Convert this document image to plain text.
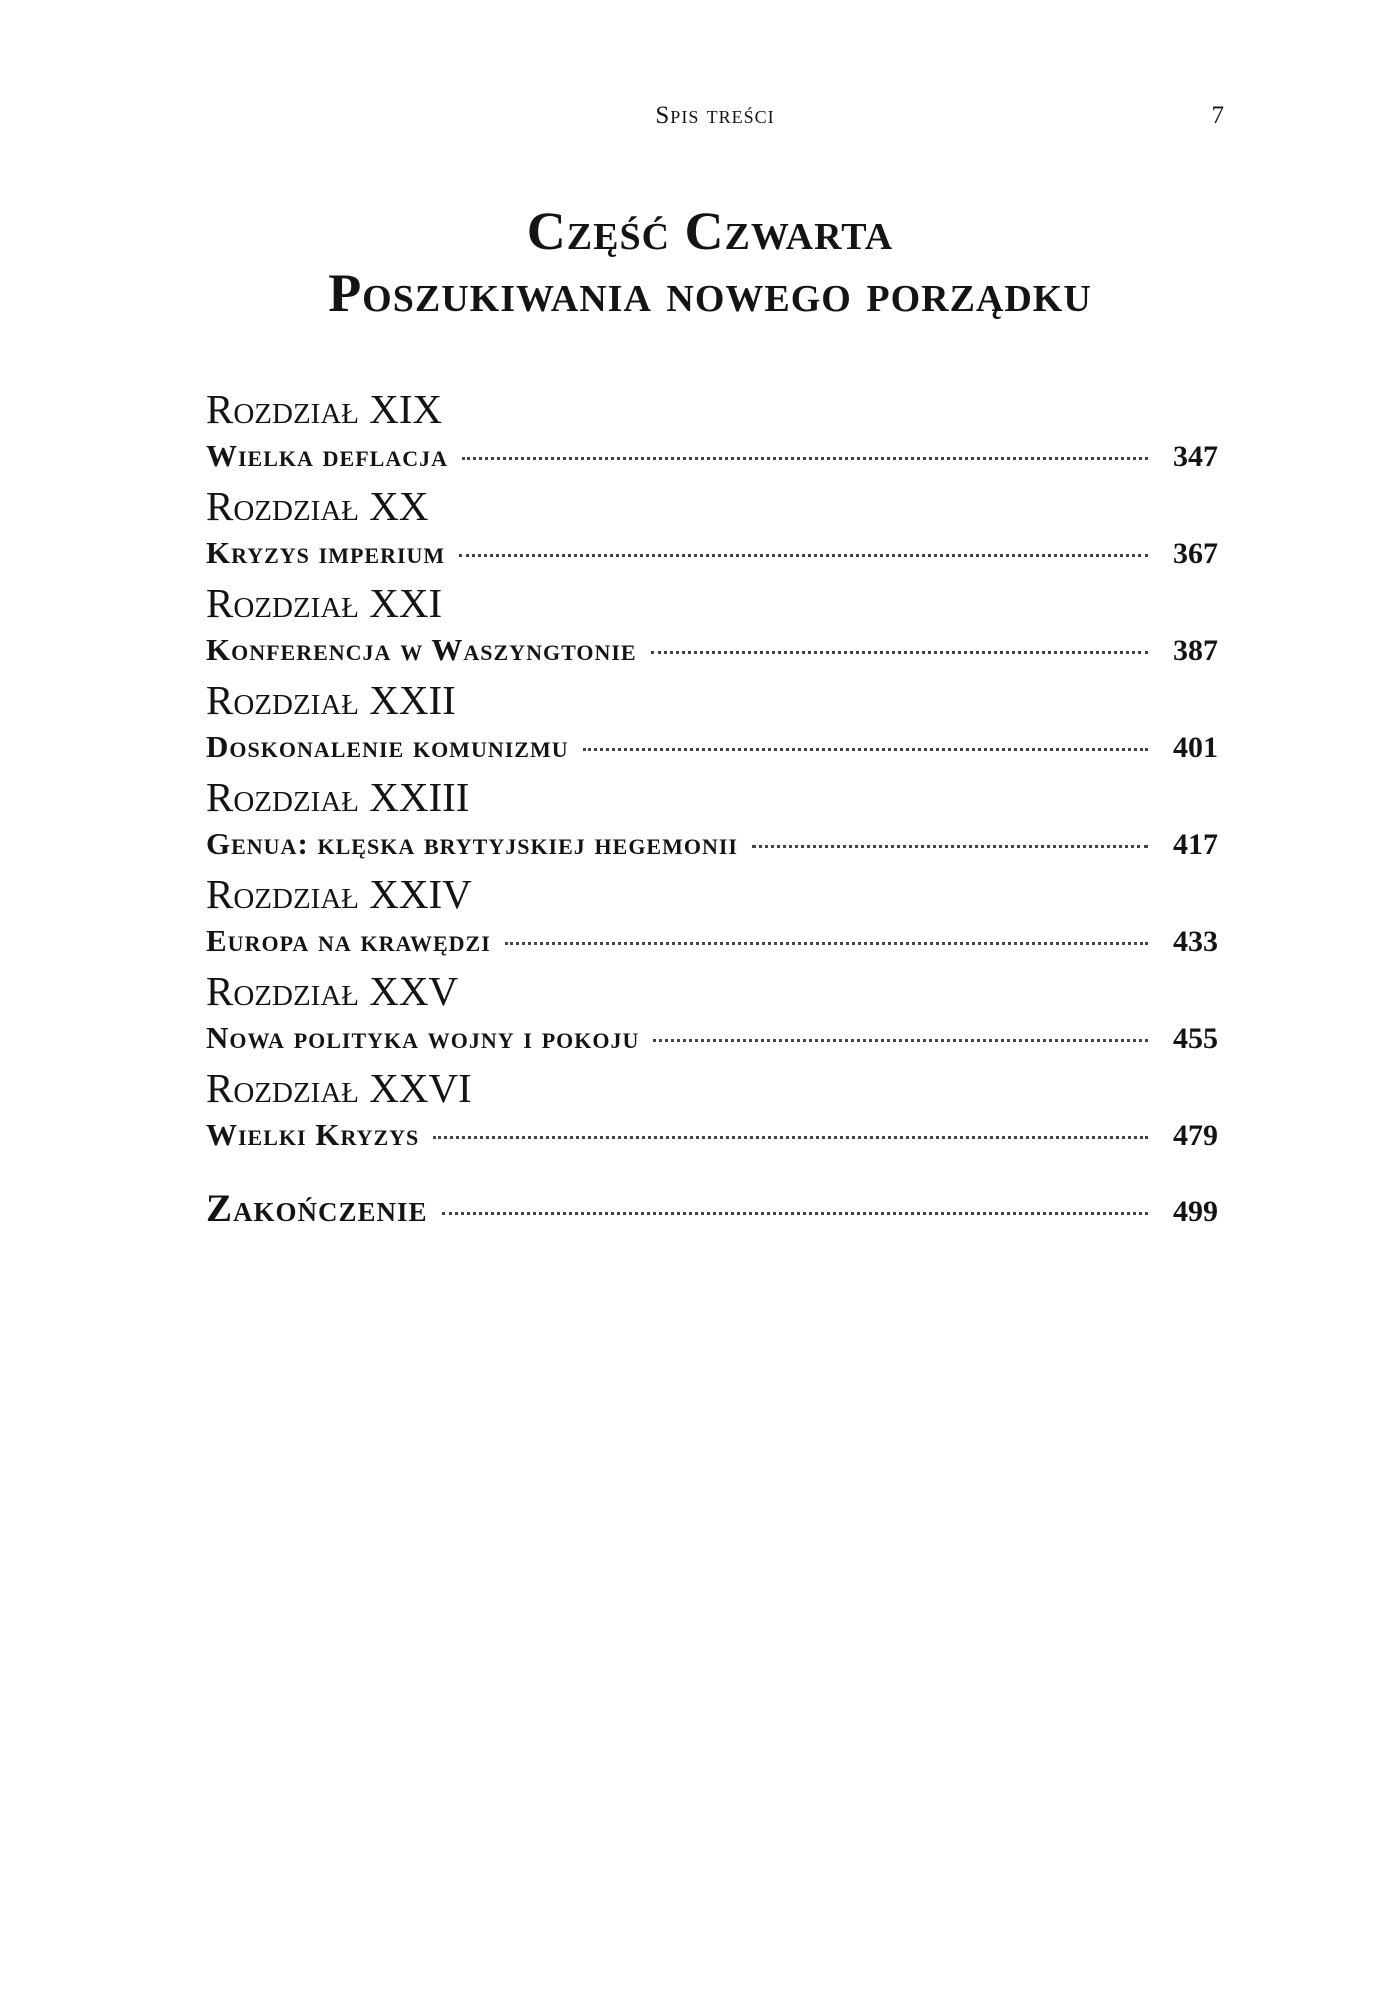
Spis treści	7
Część Czwarta
Poszukiwania nowego porządku
Rozdział XIX
Wielka deflacja	347
Rozdział XX
Kryzys imperium	367
Rozdział XXI
Konferencja w Waszyngtonie	387
Rozdział XXII
Doskonalenie komunizmu	401
Rozdział XXIII
Genua: klęska brytyjskiej hegemonii	417
Rozdział XXIV
Europa na krawędzi	433
Rozdział XXV
Nowa polityka wojny i pokoju	455
Rozdział XXVI
Wielki Kryzys	479
Zakończenie	499
